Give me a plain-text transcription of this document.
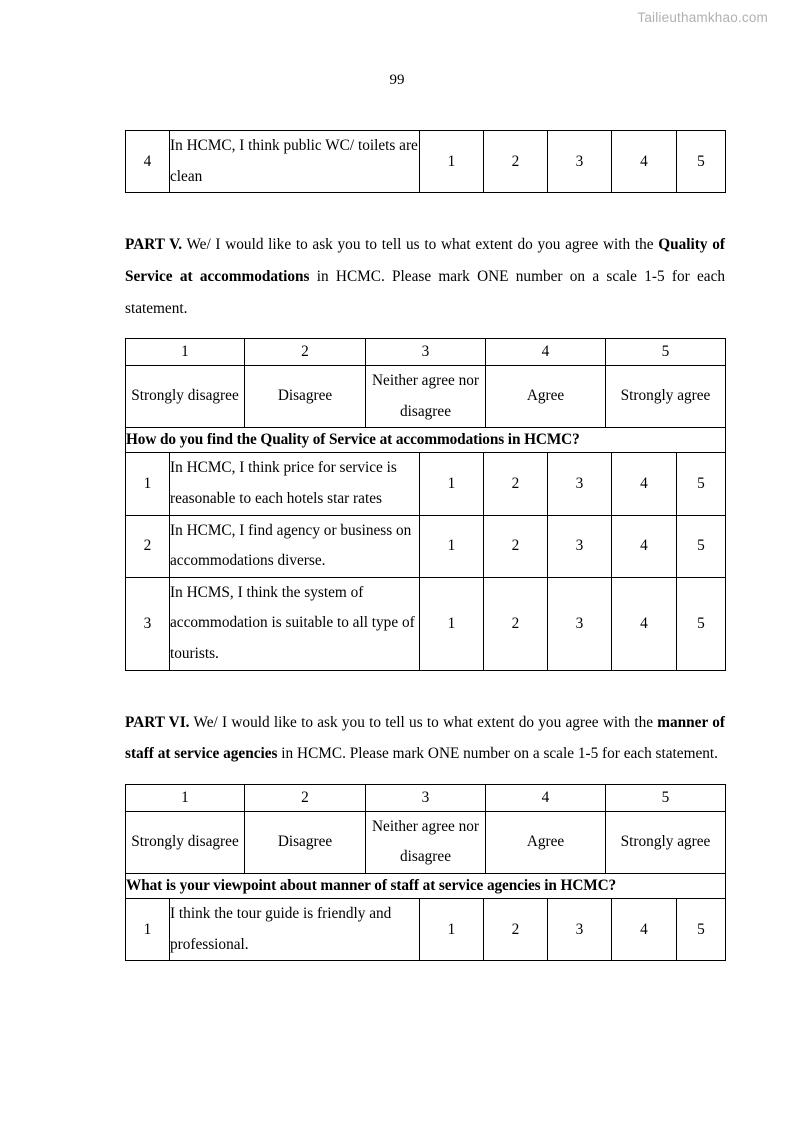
Tailieuthamkhao.com
99
4	In HCMC, I think public WC/ toilets are clean	1	2	3	4	5

PART V. We/ I would like to ask you to tell us to what extent do you agree with the Quality of Service at accommodations in HCMC. Please mark ONE number on a scale 1-5 for each statement.

1	2	3	4	5
Strongly disagree	Disagree	Neither agree nor disagree	Agree	Strongly agree
How do you find the Quality of Service at accommodations in HCMC?						
1	In HCMC, I think price for service is reasonable to each hotels star rates	1	2	3	4	5
2	In HCMC, I find agency or business on accommodations diverse.	1	2	3	4	5
3	In HCMS, I think the system of accommodation is suitable to all type of tourists.	1	2	3	4	5

PART VI. We/ I would like to ask you to tell us to what extent do you agree with the manner of staff at service agencies in HCMC. Please mark ONE number on a scale 1-5 for each statement.

1	2	3	4	5
Strongly disagree	Disagree	Neither agree nor disagree	Agree	Strongly agree
What is your viewpoint about manner of staff at service agencies in HCMC?
1	I think the tour guide is friendly and professional.	1	2	3	4	5
